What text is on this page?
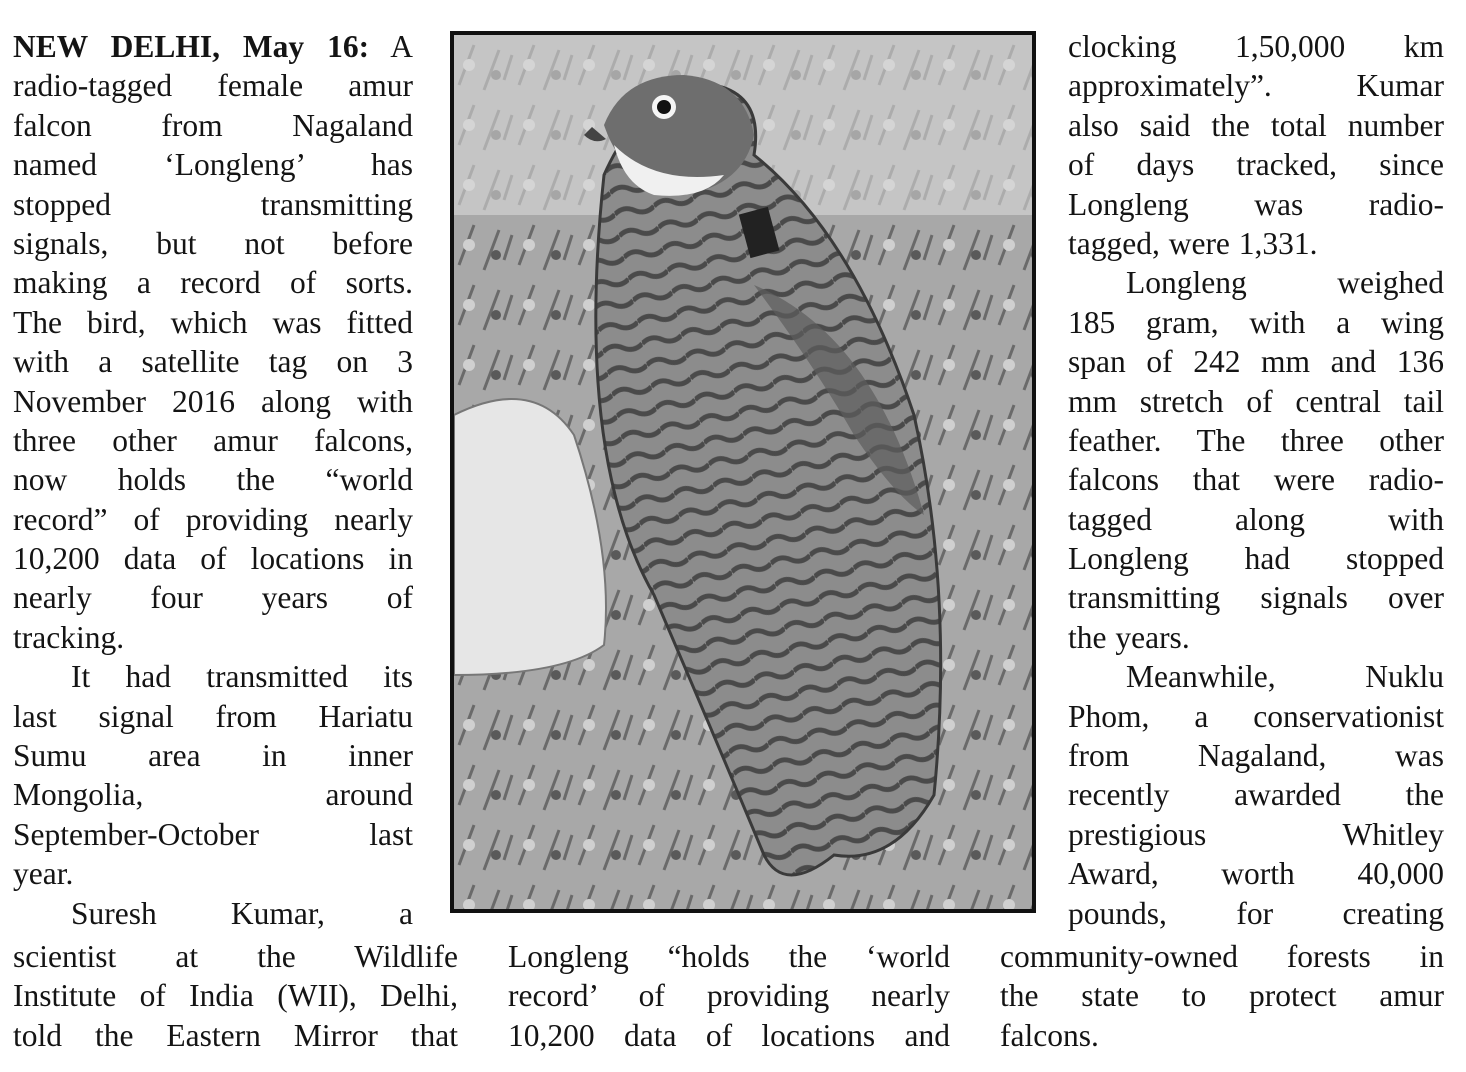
NEW DELHI, May 16: A
radio-tagged female amur
falcon from Nagaland
named ‘Longleng’ has
stopped transmitting
signals, but not before
making a record of sorts.
The bird, which was fitted
with a satellite tag on 3
November 2016 along with
three other amur falcons,
now holds the “world
record” of providing nearly
10,200 data of locations in
nearly four years of
tracking.
It had transmitted its
last signal from Hariatu
Sumu area in inner
Mongolia, around
September-October last
year.
Suresh Kumar, a
scientist at the Wildlife
Institute of India (WII), Delhi,
told the Eastern Mirror that
Longleng “holds the ‘world
record’ of providing nearly
10,200 data of locations and
clocking 1,50,000 km
approximately”. Kumar
also said the total number
of days tracked, since
Longleng was radio-
tagged, were 1,331.
Longleng weighed
185 gram, with a wing
span of 242 mm and 136
mm stretch of central tail
feather. The three other
falcons that were radio-
tagged along with
Longleng had stopped
transmitting signals over
the years.
Meanwhile, Nuklu
Phom, a conservationist
from Nagaland, was
recently awarded the
prestigious Whitley
Award, worth 40,000
pounds, for creating
community-owned forests in
the state to protect amur
falcons.
